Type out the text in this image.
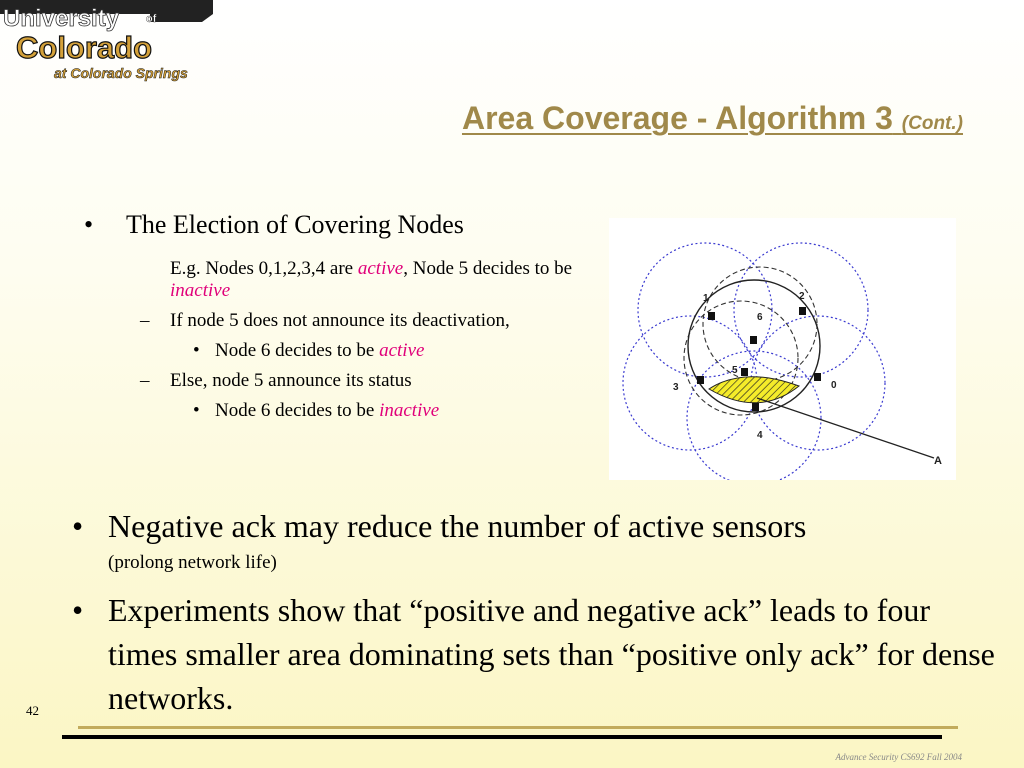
University of
Colorado
at Colorado Springs
Area Coverage - Algorithm 3 (Cont.)
• The Election of Covering Nodes
E.g. Nodes 0,1,2,3,4 are active, Node 5 decides to be inactive
– If node 5 does not announce its deactivation,
• Node 6 decides to be active
– Else, node 5 announce its status
• Node 6 decides to be inactive
0
1	2
3
4
5
6
A
• Negative ack may reduce the number of active sensors
(prolong network life)
• Experiments show that “positive and negative ack” leads to four times smaller area dominating sets than “positive only ack” for dense networks.
42
Advance Security CS692 Fall 2004
